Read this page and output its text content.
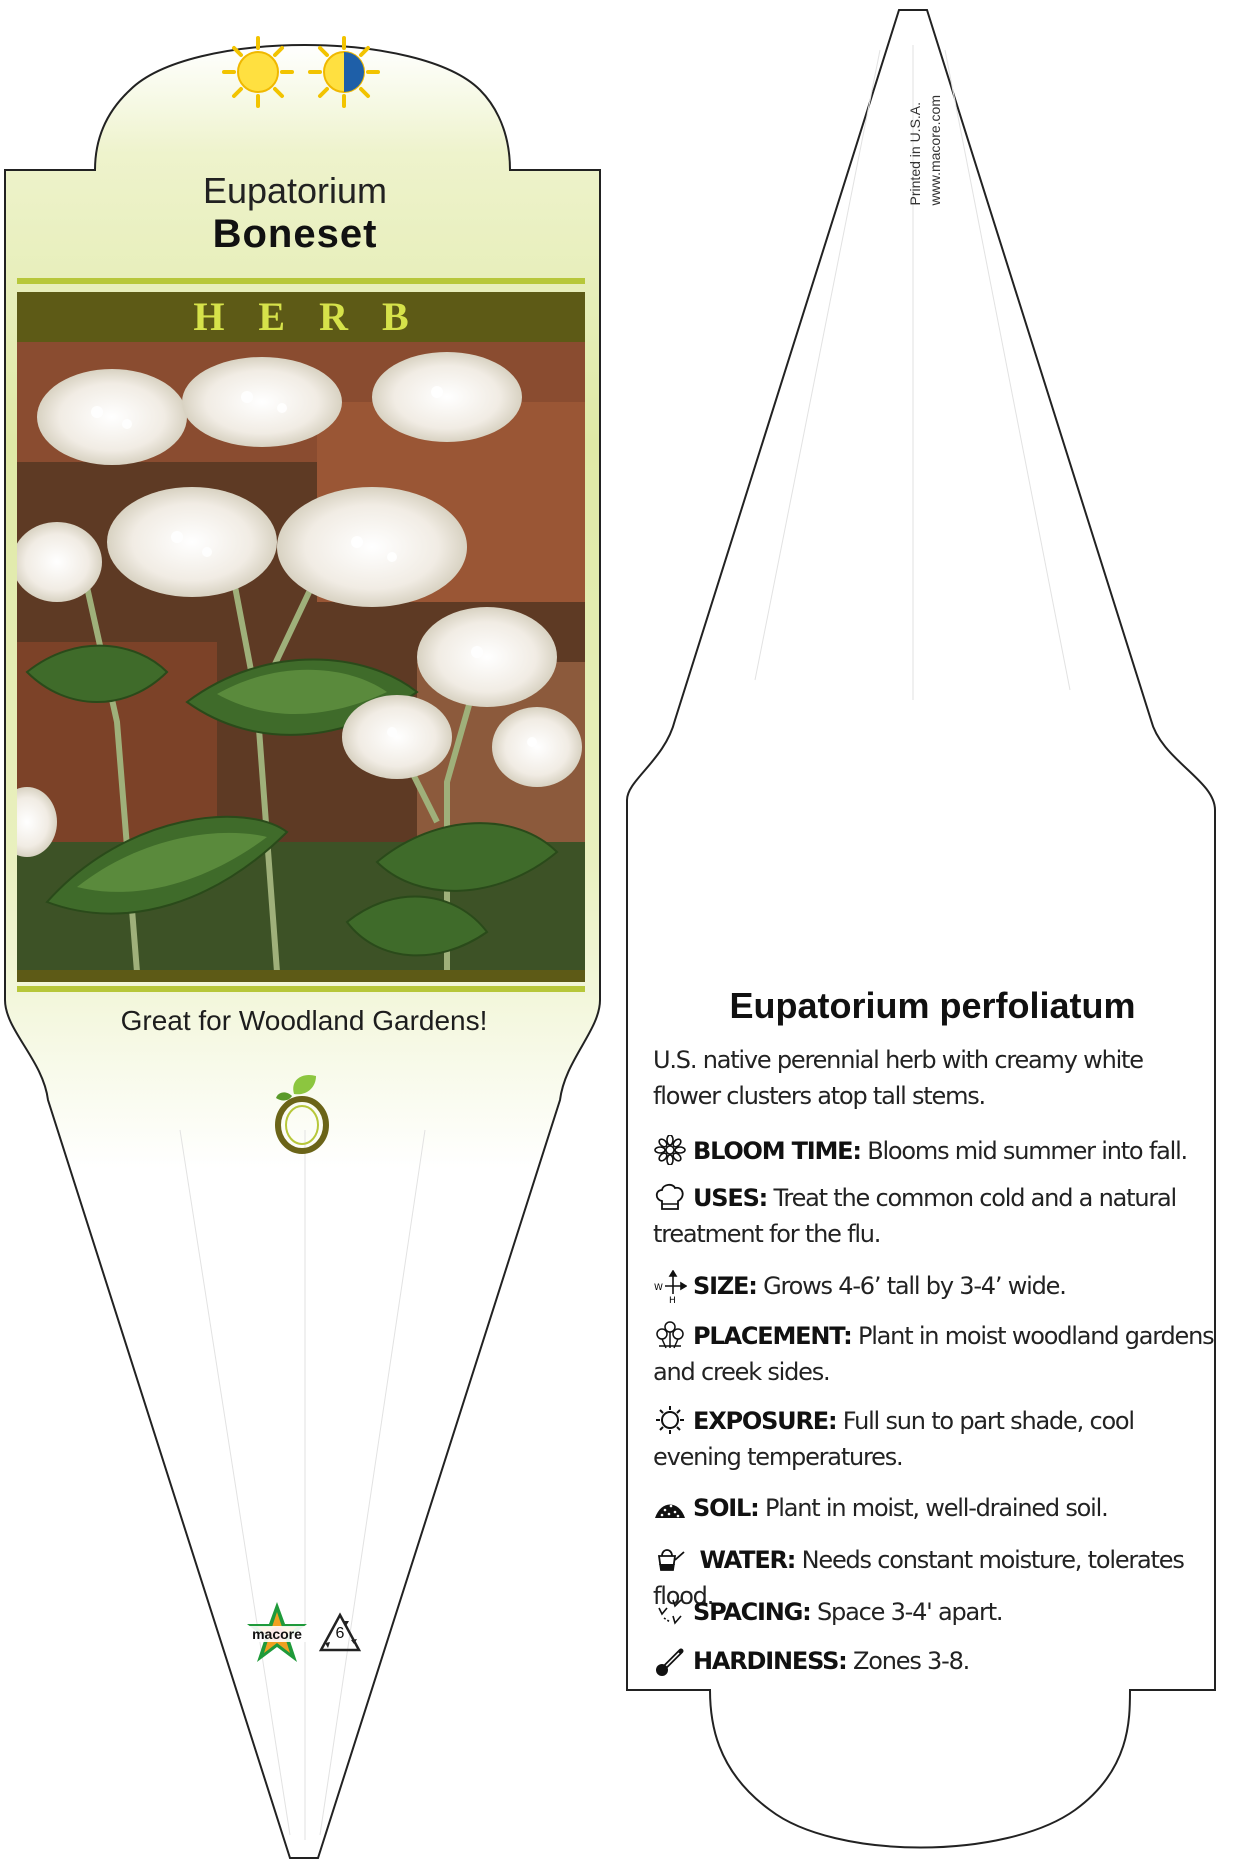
Eupatorium
Boneset
HERB
Great for Woodland Gardens!
macore	6
Printed in U.S.A. www.macore.com
Eupatorium perfoliatum
U.S. native perennial herb with creamy white flower clusters atop tall stems.
BLOOM TIME: Blooms mid summer into fall.
USES: Treat the common cold and a natural treatment for the flu.
W
H
SIZE: Grows 4-6’ tall by 3-4’ wide.
PLACEMENT: Plant in moist woodland gardens and creek sides.
EXPOSURE: Full sun to part shade, cool evening temperatures.
SOIL: Plant in moist, well-drained soil.
WATER: Needs constant moisture, tolerates flood.
SPACING: Space 3-4' apart.
HARDINESS: Zones 3-8.
